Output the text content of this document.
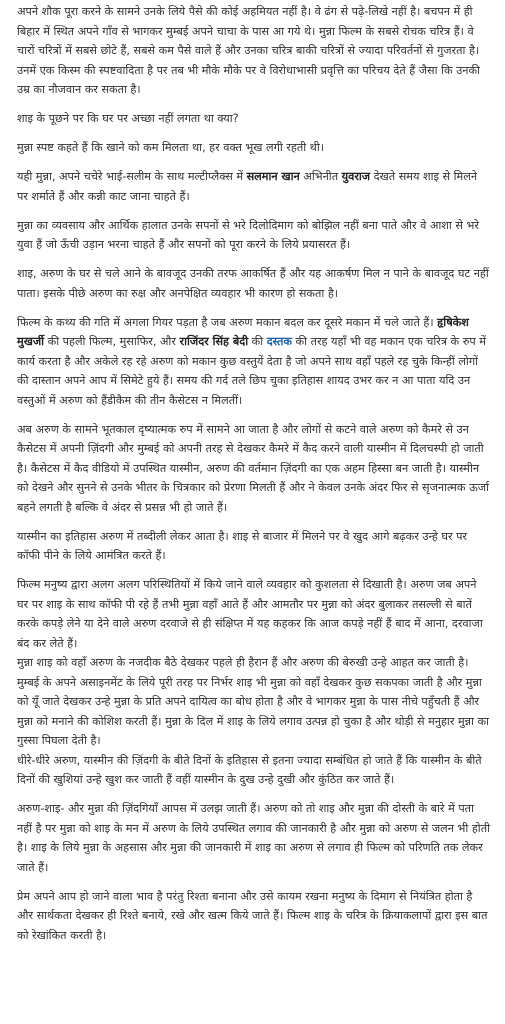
अपने शौक पूरा करने के सामने उनके लिये पैसे की कोई अहमियत नहीं है। वे ढंग से पढ़े-लिखे नहीं है। बचपन में ही बिहार में स्थित अपने गाँव से भागकर मुम्बई अपने चाचा के पास आ गये थे। मुन्ना फिल्म के सबसे रोचक चरित्र हैं। वे चारों चरित्रों में सबसे छोटे हैं, सबसे कम पैसे वाले हैं और उनका चरित्र बाकी चरित्रों से ज्यादा परिवर्तनों से गुजरता है। उनमें एक किस्म की स्पष्टवादिता है पर तब भी मौके मौके पर वे विरोधाभासी प्रवृत्ति का परिचय देते हैं जैसा कि उनकी उम्र का नौजवान कर सकता है।

शाइ के पूछने पर कि घर पर अच्छा नहीं लगता था क्या?

मुन्ना स्पष्ट कहते हैं कि खाने को कम मिलता था, हर वक्त भूख लगी रहती थी।

यही मुन्ना, अपने चचेरे भाई-सलीम के साथ मल्टीप्लैक्स में सलमान खान अभिनीत युवराज देखते समय शाइ से मिलने पर शर्माते हैं और कन्नी काट जाना चाहते हैं।

मुन्ना का व्यवसाय और आर्थिक हालात उनके सपनों से भरे दिलोदिमाग को बोझिल नहीं बना पाते और वे आशा से भरे युवा हैं जो ऊँची उड़ान भरना चाहते हैं और सपनों को पूरा करने के लिये प्रयासरत हैं।

शाइ, अरुण के घर से चले आने के बावजूद उनकी तरफ आकर्षित हैं और यह आकर्षण मिल न पाने के बावजूद घट नहीं पाता। इसके पीछे अरुण का रुक्ष और अनपेक्षित व्यवहार भी कारण हो सकता है।

फिल्म के कथ्य की गति में अगला गियर पड़ता है जब अरुण मकान बदल कर दूसरे मकान में चले जाते हैं। हृषिकेश मुखर्जी की पहली फिल्म, मुसाफिर, और राजिंदर सिंह बेदी की दस्तक की तरह यहाँ भी वह मकान एक चरित्र के रुप में कार्य करता है और अकेले रह रहे अरुण को मकान कुछ वस्तुयें देता है जो अपने साथ वहाँ पहले रह चुके किन्हीं लोगों की दास्तान अपने आप में सिमेटे हुये हैं। समय की गर्द तले छिप चुका इतिहास शायद उभर कर न आ पाता यदि उन वस्तुओं में अरुण को हैंडीकैम की तीन कैसेटस न मिलतीं।

अब अरुण के सामने भूतकाल दृष्यात्मक रुप में सामने आ जाता है और लोगों से कटने वाले अरुण को कैमरे से उन कैसेटस में अपनी ज़िंदगी और मुम्बई को अपनी तरह से देखकर कैमरे में कैद करने वाली यास्मीन में दिलचस्पी हो जाती है। कैसेटस में कैद वीडियो में उपस्थित यास्मीन, अरुण की वर्तमान ज़िंदगी का एक अहम हिस्सा बन जाती है। यास्मीन को देखने और सुनने से उनके भीतर के चित्रकार को प्रेरणा मिलती हैं और ने केवल उनके अंदर फिर से सृजनात्मक ऊर्जा बहने लगती है बल्कि वे अंदर से प्रसन्न भी हो जाते हैं।

यास्मीन का इतिहास अरुण में तब्दीली लेकर आता है। शाइ से बाजार में मिलने पर वे खुद आगे बढ़कर उन्हे घर पर कॉफी पीने के लिये आमंत्रित करते हैं।

फिल्म मनुष्य द्वारा अलग अलग परिस्थितियों में किये जाने वाले व्यवहार को कुशलता से दिखाती है। अरुण जब अपने घर पर शाइ के साथ कॉफी पी रहे हैं तभी मुन्ना वहाँ आते हैं और आमतौर पर मुन्ना को अंदर बुलाकर तसल्ली से बातें करके कपड़े लेने या देने वाले अरुण दरवाजे से ही संक्षिप्त में यह कहकर कि आज कपड़े नहीं हैं बाद में आना, दरवाजा बंद कर लेते हैं।

मुन्ना शाइ को वहाँ अरुण के नजदीक बैठे देखकर पहले ही हैरान हैं और अरुण की बेरुखी उन्हे आहत कर जाती है। मुम्बई के अपने असाइनमेंट के लिये पूरी तरह पर निर्भर शाइ भी मुन्ना को वहाँ देखकर कुछ सकपका जाती है और मुन्ना को यूँ जाते देखकर उन्हे मुन्ना के प्रति अपने दायित्व का बोध होता है और वे भागकर मुन्ना के पास नीचे पहुँचती हैं और मुन्ना को मनाने की कोशिश करती हैं। मुन्ना के दिल में शाइ के लिये लगाव उत्पन्न हो चुका है और थोड़ी से मनुहार मुन्ना का गुस्सा पिघला देती है।

धीरे-धीरे अरुण, यास्मीन की ज़िंदगी के बीते दिनों के इतिहास से इतना ज्यादा सम्बंधित हो जाते हैं कि यास्मीन के बीते दिनों की खुशियां उन्हे खुश कर जाती हैं वहीं यास्मीन के दुख उन्हे दुखी और कुंठित कर जाते हैं।

अरुण-शाइ- और मुन्ना की ज़िंदगियाँ आपस में उलझ जाती हैं। अरुण को तो शाइ और मुन्ना की दोस्ती के बारे में पता नहीं है पर मुन्ना को शाइ के मन में अरुण के लिये उपस्थित लगाव की जानकारी है और मुन्ना को अरुण से जलन भी होती है। शाइ के लिये मुन्ना के अहसास और मुन्ना की जानकारी में शाइ का अरुण से लगाव ही फिल्म को परिणति तक लेकर जाते हैं।

प्रेम अपने आप हो जाने वाला भाव है परंतु रिश्ता बनाना और उसे कायम रखना मनुष्य के दिमाग से नियंत्रित होता है और सार्थकता देखकर ही रिश्ते बनाये, रखे और खत्म किये जाते हैं। फिल्म शाइ के चरित्र के क्रियाकलापों द्वारा इस बात को रेखांकित करती है।
